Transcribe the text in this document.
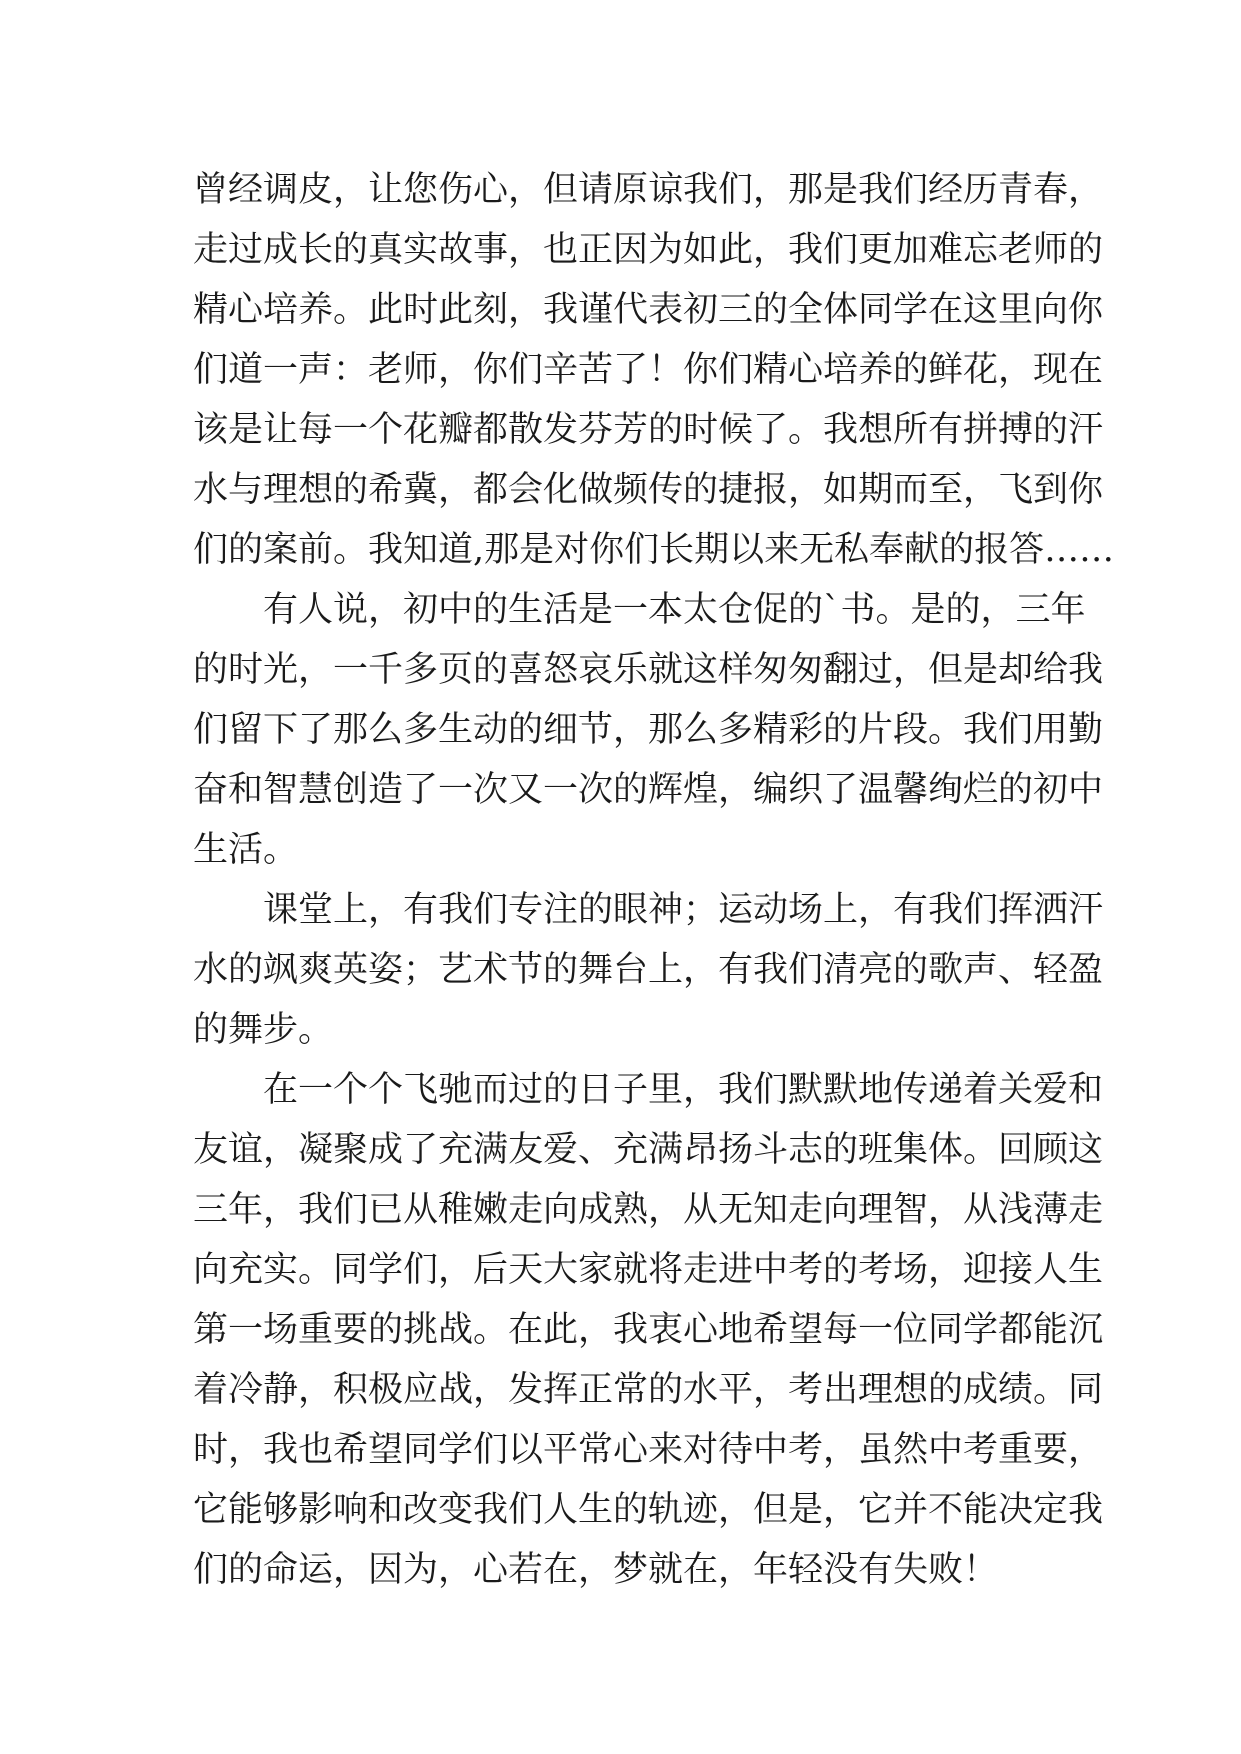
曾经调皮，让您伤心，但请原谅我们，那是我们经历青春，
走过成长的真实故事，也正因为如此，我们更加难忘老师的
精心培养。此时此刻，我谨代表初三的全体同学在这里向你
们道一声：老师，你们辛苦了！你们精心培养的鲜花，现在
该是让每一个花瓣都散发芬芳的时候了。我想所有拼搏的汗
水与理想的希冀，都会化做频传的捷报，如期而至，飞到你
们的案前。我知道,那是对你们长期以来无私奉献的报答……
有人说，初中的生活是一本太仓促的`书。是的，三年
的时光，一千多页的喜怒哀乐就这样匆匆翻过，但是却给我
们留下了那么多生动的细节，那么多精彩的片段。我们用勤
奋和智慧创造了一次又一次的辉煌，编织了温馨绚烂的初中
生活。
课堂上，有我们专注的眼神；运动场上，有我们挥洒汗
水的飒爽英姿；艺术节的舞台上，有我们清亮的歌声、轻盈
的舞步。
在一个个飞驰而过的日子里，我们默默地传递着关爱和
友谊，凝聚成了充满友爱、充满昂扬斗志的班集体。回顾这
三年，我们已从稚嫩走向成熟，从无知走向理智，从浅薄走
向充实。同学们，后天大家就将走进中考的考场，迎接人生
第一场重要的挑战。在此，我衷心地希望每一位同学都能沉
着冷静，积极应战，发挥正常的水平，考出理想的成绩。同
时，我也希望同学们以平常心来对待中考，虽然中考重要，
它能够影响和改变我们人生的轨迹，但是，它并不能决定我
们的命运，因为，心若在，梦就在，年轻没有失败！
